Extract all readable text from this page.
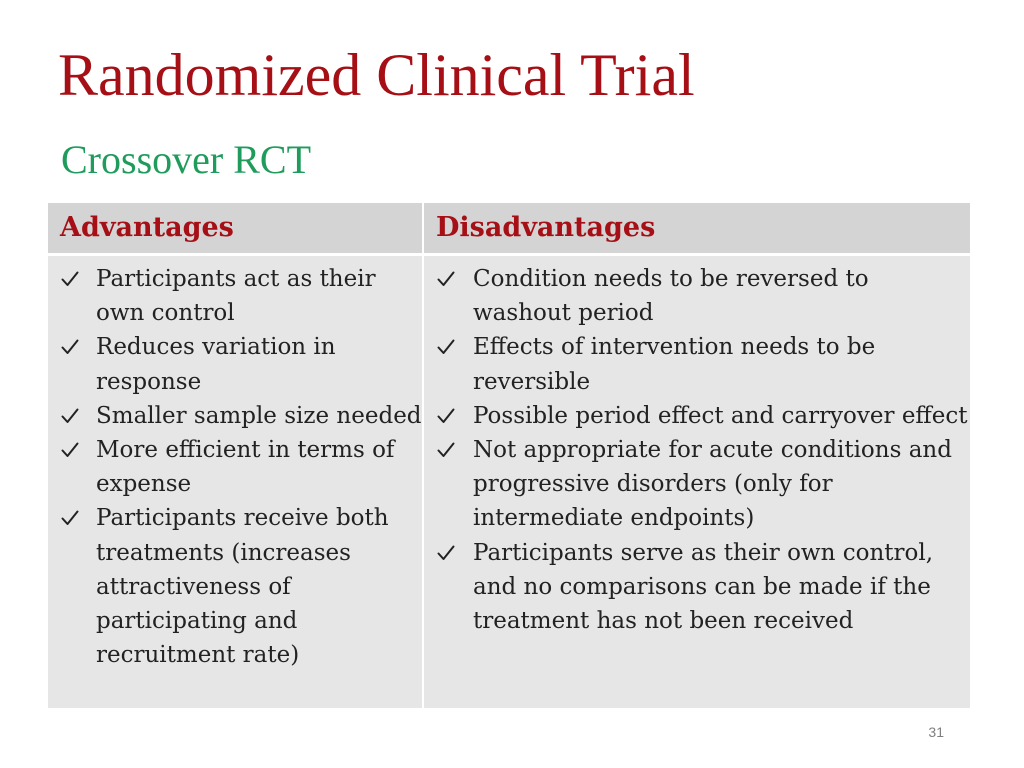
Randomized Clinical Trial
Crossover RCT
Advantages	Disadvantages
Participants act as their own control
Reduces variation in response
Smaller sample size needed
More efficient in terms of expense
Participants receive both treatments (increases attractiveness of participating and recruitment rate)
Condition needs to be reversed to washout period
Effects of intervention needs to be reversible
Possible period effect and carryover effect
Not appropriate for acute conditions and progressive disorders (only for intermediate endpoints)
Participants serve as their own control, and no comparisons can be made if the treatment has not been received
31
